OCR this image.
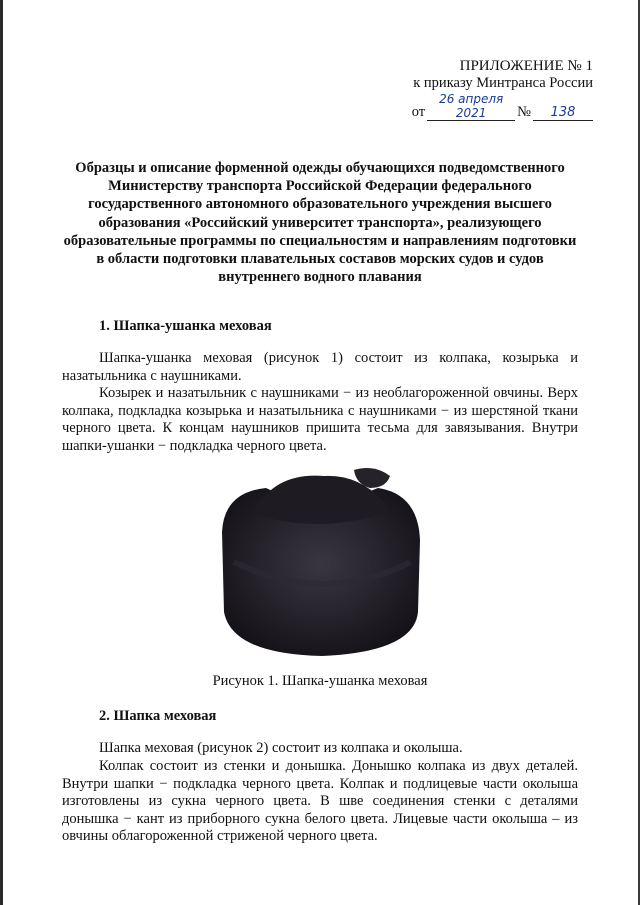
ПРИЛОЖЕНИЕ № 1
к приказу Минтранса России
от
26 апреля 2021	№	138
Образцы и описание форменной одежды обучающихся подведомственного Министерству транспорта Российской Федерации федерального государственного автономного образовательного учреждения высшего образования «Российский университет транспорта», реализующего образовательные программы по специальностям и направлениям подготовки в области подготовки плавательных составов морских судов и судов внутреннего водного плавания
1. Шапка-ушанка меховая
Шапка-ушанка меховая (рисунок 1) состоит из колпака, козырька и назатыльника с наушниками.
Козырек и назатыльник с наушниками − из необлагороженной овчины. Верх колпака, подкладка козырька и назатыльника с наушниками − из шерстяной ткани черного цвета. К концам наушников пришита тесьма для завязывания. Внутри шапки-ушанки − подкладка черного цвета.
Рисунок 1. Шапка-ушанка меховая
2. Шапка меховая
Шапка меховая (рисунок 2) состоит из колпака и околыша.
Колпак состоит из стенки и донышка. Донышко колпака из двух деталей. Внутри шапки − подкладка черного цвета. Колпак и подлицевые части околыша изготовлены из сукна черного цвета. В шве соединения стенки с деталями донышка − кант из приборного сукна белого цвета. Лицевые части околыша – из овчины облагороженной стриженой черного цвета.
